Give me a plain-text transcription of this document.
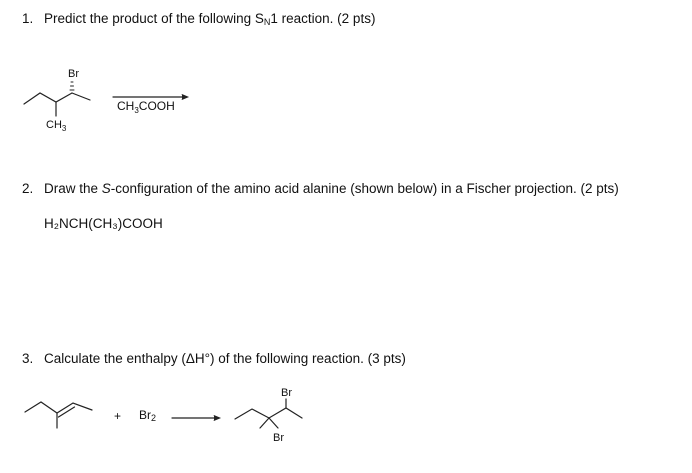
1. Predict the product of the following $S_N1$ reaction. (2 pts)
Br
$CH_3$
$CH_3COOH$
Br
Br
2. Draw the S-configuration of the amino acid alanine (shown below) in a Fischer projection. (2 pts)
H₂NCH(CH₃)COOH
3. Calculate the enthalpy (ΔH°) of the following reaction. (3 pts)
+ $Br_2$
